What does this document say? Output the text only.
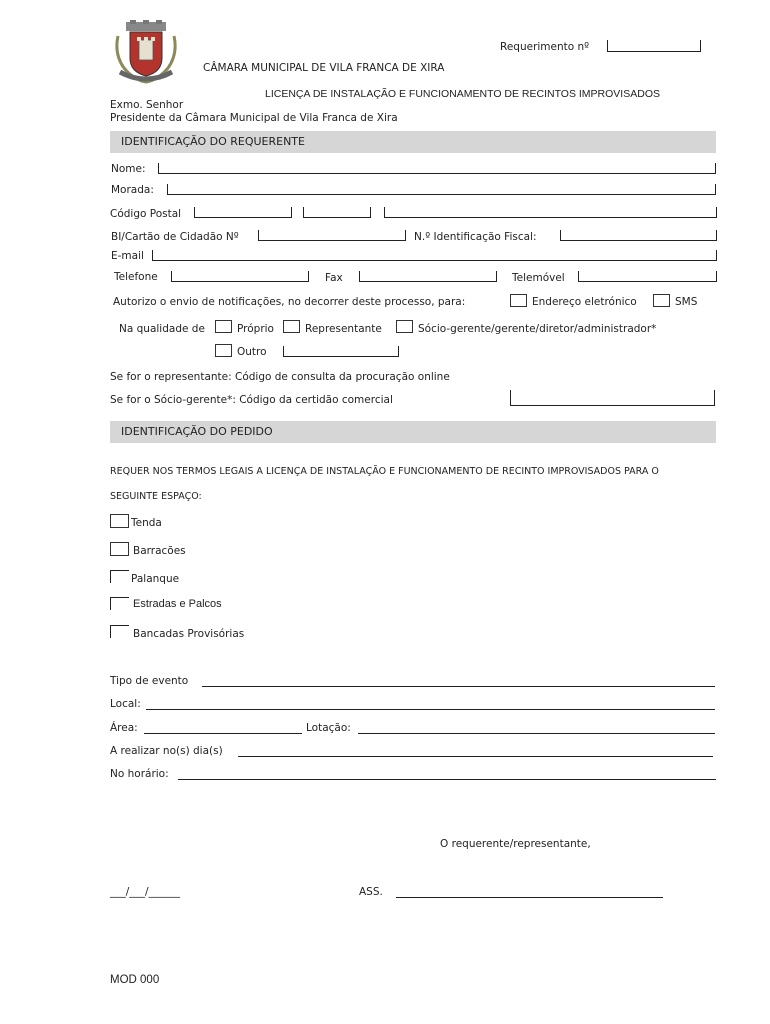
Requerimento nº
CÂMARA MUNICIPAL DE VILA FRANCA DE XIRA
LICENÇA DE INSTALAÇÃO E FUNCIONAMENTO DE RECINTOS IMPROVISADOS
Exmo. Senhor
Presidente da Câmara Municipal de Vila Franca de Xira
IDENTIFICAÇÃO DO REQUERENTE
Nome:
Morada:
Código Postal
BI/Cartão de Cidadão Nº	N.º Identificação Fiscal:
E-mail
Telefone	Fax	Telemóvel
Autorizo o envio de notificações, no decorrer deste processo, para:	Endereço eletrónico	SMS
Na qualidade de	Próprio	Representante	Sócio-gerente/gerente/diretor/administrador*
Outro
Se for o representante: Código de consulta da procuração online
Se for o Sócio-gerente*: Código da certidão comercial
IDENTIFICAÇÃO DO PEDIDO
REQUER NOS TERMOS LEGAIS A LICENÇA DE INSTALAÇÃO E FUNCIONAMENTO DE RECINTO IMPROVISADOS PARA O
SEGUINTE ESPAÇO:
Tenda
Barracões
Palanque
Estradas e Palcos
Bancadas Provisórias
Tipo de evento
Local:
Área:	Lotação:
A realizar no(s) dia(s)
No horário:
O requerente/representante,
___/___/______	ASS.
MOD 000
